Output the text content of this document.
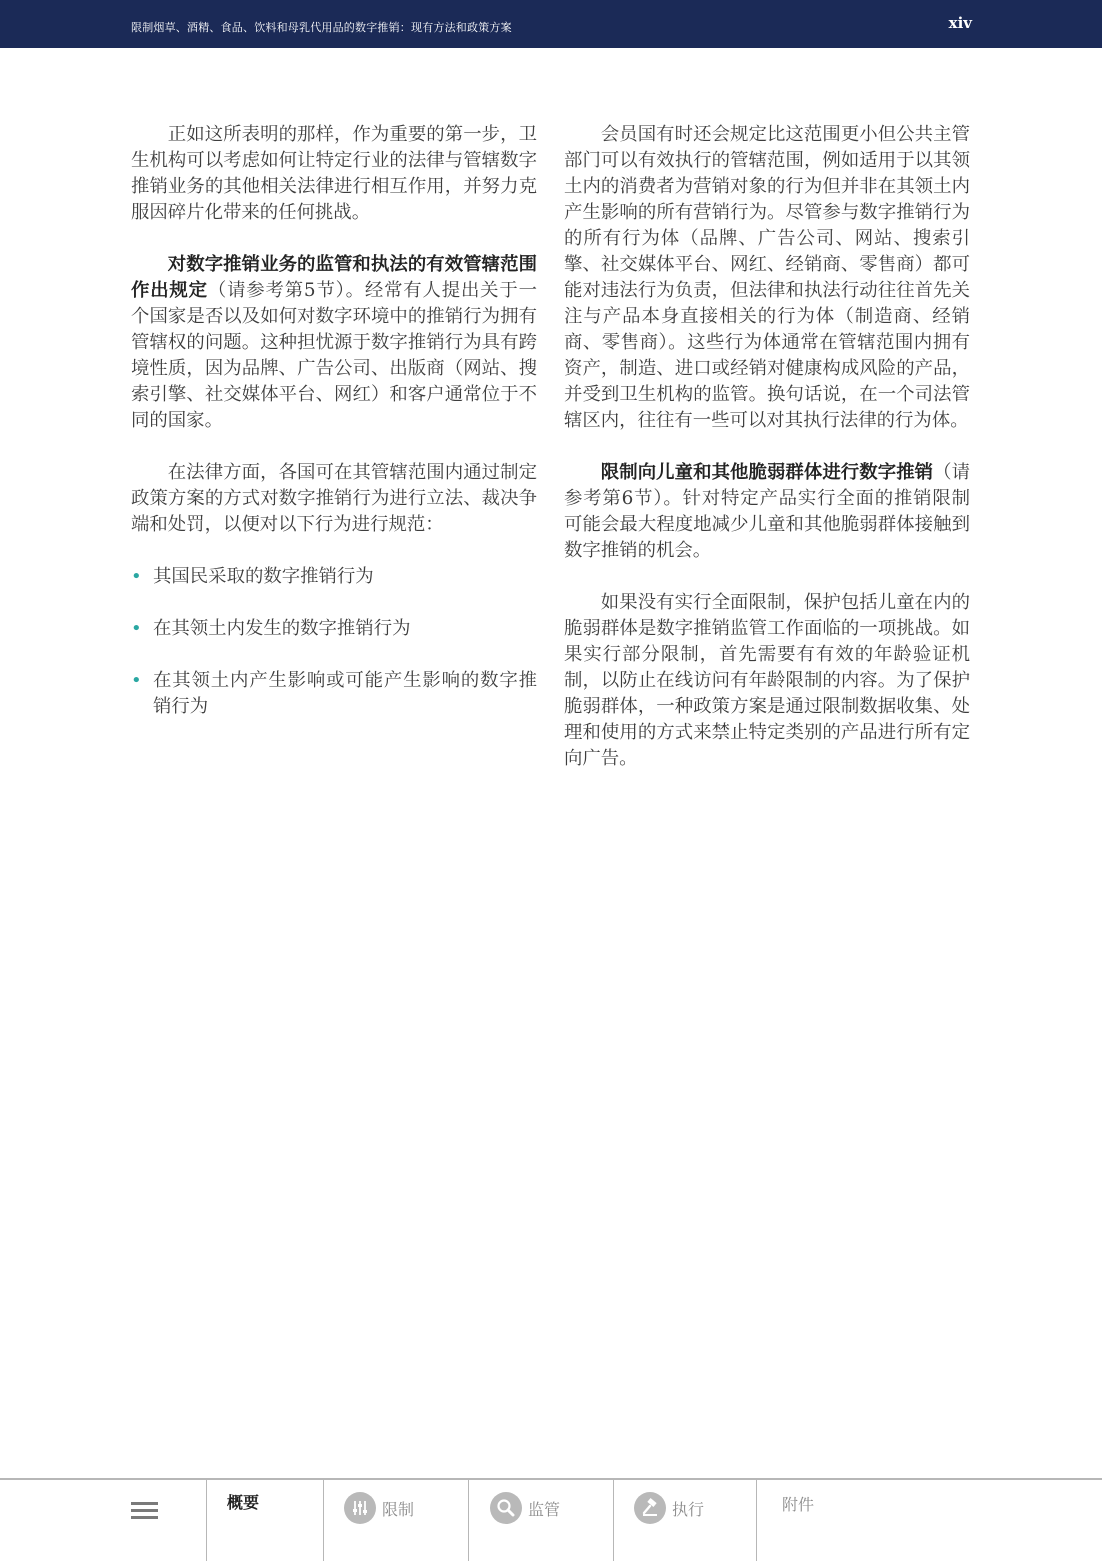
限制烟草、酒精、食品、饮料和母乳代用品的数字推销：现有方法和政策方案	xiv

正如这所表明的那样，作为重要的第一步，卫生机构可以考虑如何让特定行业的法律与管辖数字推销业务的其他相关法律进行相互作用，并努力克服因碎片化带来的任何挑战。

对数字推销业务的监管和执法的有效管辖范围作出规定（请参考第5节）。经常有人提出关于一个国家是否以及如何对数字环境中的推销行为拥有管辖权的问题。这种担忧源于数字推销行为具有跨境性质，因为品牌、广告公司、出版商（网站、搜索引擎、社交媒体平台、网红）和客户通常位于不同的国家。

在法律方面，各国可在其管辖范围内通过制定政策方案的方式对数字推销行为进行立法、裁决争端和处罚，以便对以下行为进行规范：

• 其国民采取的数字推销行为
• 在其领土内发生的数字推销行为
• 在其领土内产生影响或可能产生影响的数字推销行为

会员国有时还会规定比这范围更小但公共主管部门可以有效执行的管辖范围，例如适用于以其领土内的消费者为营销对象的行为但并非在其领土内产生影响的所有营销行为。尽管参与数字推销行为的所有行为体（品牌、广告公司、网站、搜索引擎、社交媒体平台、网红、经销商、零售商）都可能对违法行为负责，但法律和执法行动往往首先关注与产品本身直接相关的行为体（制造商、经销商、零售商）。这些行为体通常在管辖范围内拥有资产，制造、进口或经销对健康构成风险的产品，并受到卫生机构的监管。换句话说，在一个司法管辖区内，往往有一些可以对其执行法律的行为体。

限制向儿童和其他脆弱群体进行数字推销（请参考第6节）。针对特定产品实行全面的推销限制可能会最大程度地减少儿童和其他脆弱群体接触到数字推销的机会。

如果没有实行全面限制，保护包括儿童在内的脆弱群体是数字推销监管工作面临的一项挑战。如果实行部分限制，首先需要有有效的年龄验证机制，以防止在线访问有年龄限制的内容。为了保护脆弱群体，一种政策方案是通过限制数据收集、处理和使用的方式来禁止特定类别的产品进行所有定向广告。

概要	限制	监管	执行	附件
